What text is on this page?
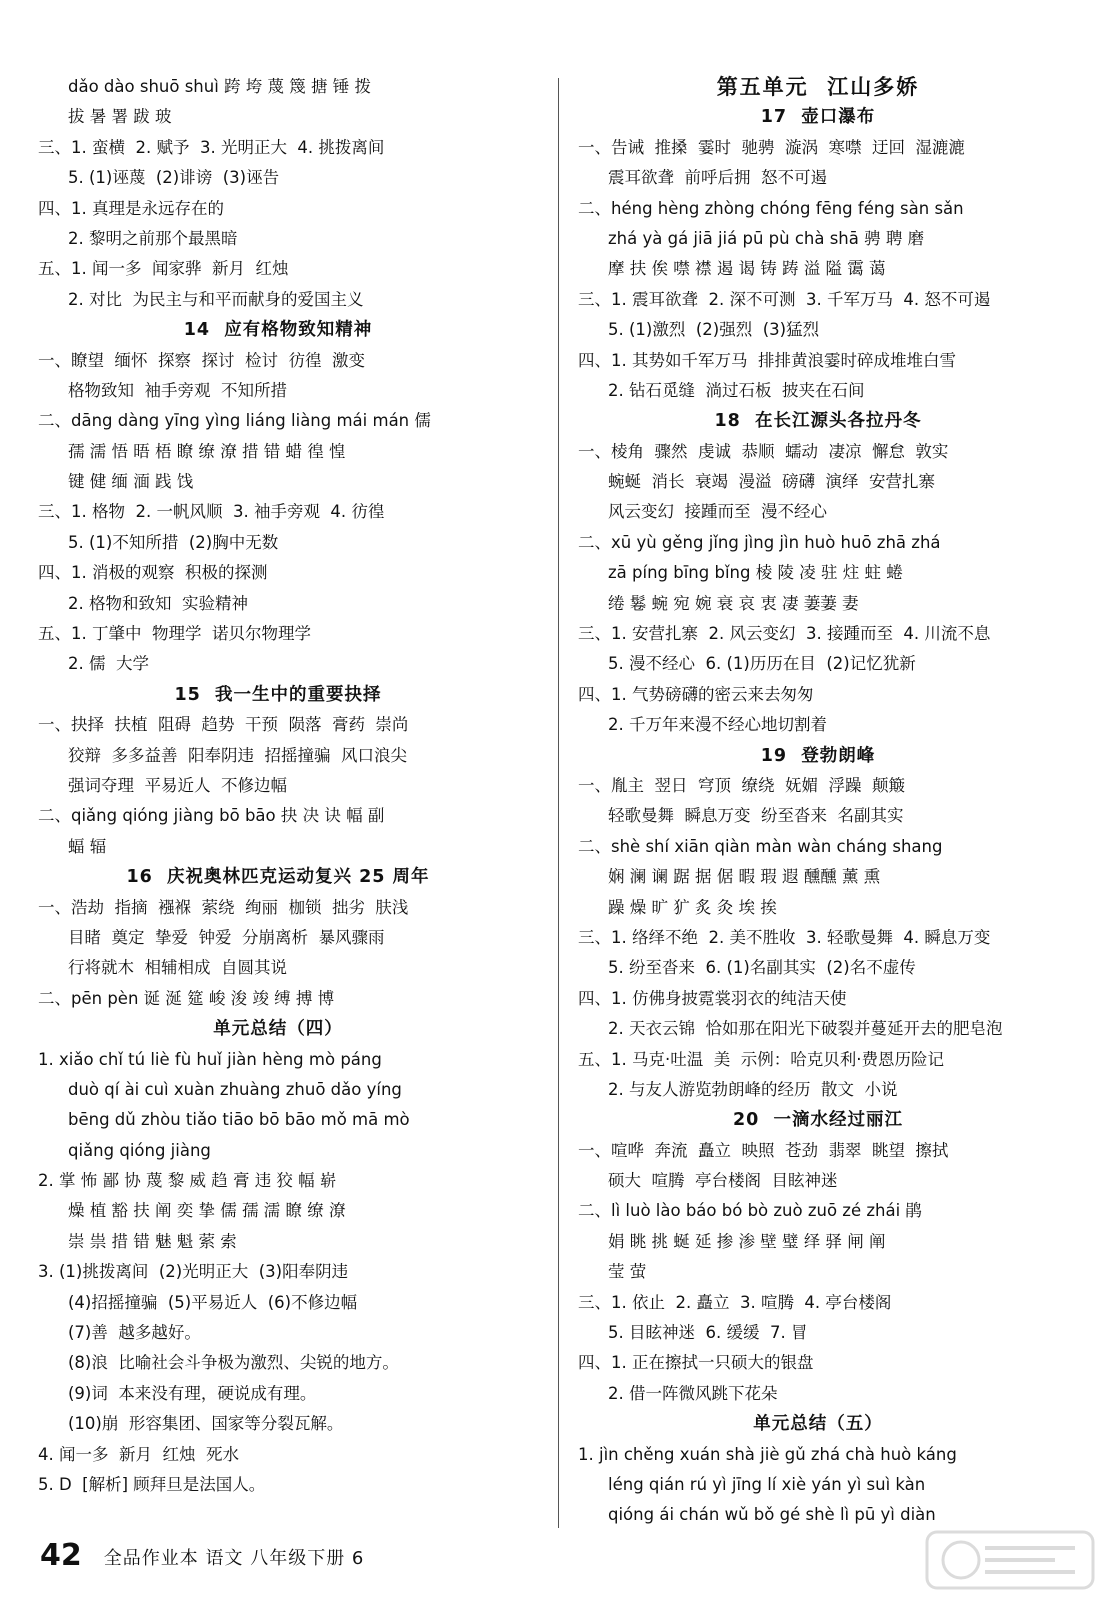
dǎo dào shuō shuì 跨 垮 蔑 篾 搪 锤 拨
拔 暑 署 跋 玻
三、1. 蛮横  2. 赋予  3. 光明正大  4. 挑拨离间
5. (1)诬蔑  (2)诽谤  (3)诬告
四、1. 真理是永远存在的
2. 黎明之前那个最黑暗
五、1. 闻一多  闻家骅  新月  红烛
2. 对比  为民主与和平而献身的爱国主义
14  应有格物致知精神
一、瞭望  缅怀  探察  探讨  检讨  彷徨  激变
格物致知  袖手旁观  不知所措
二、dāng dàng yīng yìng liáng liàng mái mán 儒
孺 濡 悟 晤 梧 瞭 缭 潦 措 错 蜡 徨 惶
键 健 缅 湎 践 饯
三、1. 格物  2. 一帆风顺  3. 袖手旁观  4. 彷徨
5. (1)不知所措  (2)胸中无数
四、1. 消极的观察  积极的探测
2. 格物和致知  实验精神
五、1. 丁肇中  物理学  诺贝尔物理学
2. 儒  大学
15  我一生中的重要抉择
一、抉择  扶植  阻碍  趋势  干预  陨落  膏药  崇尚
狡辩  多多益善  阳奉阴违  招摇撞骗  风口浪尖
强词夺理  平易近人  不修边幅
二、qiǎng qióng jiàng bō bāo 抉 决 诀 幅 副
蝠 辐
16  庆祝奥林匹克运动复兴 25 周年
一、浩劫  指摘  襁褓  萦绕  绚丽  枷锁  拙劣  肤浅
目睹  奠定  挚爱  钟爱  分崩离析  暴风骤雨
行将就木  相辅相成  自圆其说
二、pēn pèn 诞 涎 筵 峻 浚 竣 缚 搏 博
单元总结（四）
1. xiǎo chǐ tú liè fù huǐ jiàn hèng mò páng
duò qí ài cuì xuàn zhuàng zhuō dǎo yíng
bēng dǔ zhòu tiǎo tiāo bō bāo mǒ mā mò
qiǎng qióng jiàng
2. 掌 怖 鄙 协 蔑 黎 威 趋 膏 违 狡 幅 崭
燥 植 豁 扶 阐 奕 挚 儒 孺 濡 瞭 缭 潦
崇 祟 措 错 魅 魁 萦 索
3. (1)挑拨离间  (2)光明正大  (3)阳奉阴违
(4)招摇撞骗  (5)平易近人  (6)不修边幅
(7)善  越多越好。
(8)浪  比喻社会斗争极为激烈、尖锐的地方。
(9)词  本来没有理，硬说成有理。
(10)崩  形容集团、国家等分裂瓦解。
4. 闻一多  新月  红烛  死水
5. D  [解析] 顾拜旦是法国人。
第五单元  江山多娇
17  壶口瀑布
一、告诫  推搡  霎时  驰骋  漩涡  寒噤  迂回  湿漉漉
震耳欲聋  前呼后拥  怒不可遏
二、héng hèng zhòng chóng fēng féng sàn sǎn
zhá yà gá jiā jiá pū pù chà shā 骋 聘 磨
摩 扶 俟 噤 襟 遏 谒 铸 踌 溢 隘 霭 蔼
三、1. 震耳欲聋  2. 深不可测  3. 千军万马  4. 怒不可遏
5. (1)激烈  (2)强烈  (3)猛烈
四、1. 其势如千军万马  排排黄浪霎时碎成堆堆白雪
2. 钻石觅缝  淌过石板  披夹在石间
18  在长江源头各拉丹冬
一、棱角  骤然  虔诚  恭顺  蠕动  凄凉  懈怠  敦实
蜿蜒  消长  衰竭  漫溢  磅礴  演绎  安营扎寨
风云变幻  接踵而至  漫不经心
二、xū yù gěng jǐng jìng jìn huò huō zhā zhá
zā píng bīng bǐng 棱 陵 凌 驻 炷 蛀 蜷
绻 鬈 蜿 宛 婉 衰 哀 衷 凄 萋萋 妻
三、1. 安营扎寨  2. 风云变幻  3. 接踵而至  4. 川流不息
5. 漫不经心  6. (1)历历在目  (2)记忆犹新
四、1. 气势磅礴的密云来去匆匆
2. 千万年来漫不经心地切割着
19  登勃朗峰
一、胤主  翌日  穹顶  缭绕  妩媚  浮躁  颠簸
轻歌曼舞  瞬息万变  纷至沓来  名副其实
二、shè shí xiān qiàn màn wàn cháng shang
娴 澜 谰 踞 据 倨 暇 瑕 遐 醺醺 薰 熏
躁 燥 旷 犷 炙 灸 埃 挨
三、1. 络绎不绝  2. 美不胜收  3. 轻歌曼舞  4. 瞬息万变
5. 纷至沓来  6. (1)名副其实  (2)名不虚传
四、1. 仿佛身披霓裳羽衣的纯洁天使
2. 天衣云锦  恰如那在阳光下破裂并蔓延开去的肥皂泡
五、1. 马克·吐温  美  示例：哈克贝利·费恩历险记
2. 与友人游览勃朗峰的经历  散文  小说
20  一滴水经过丽江
一、喧哗  奔流  矗立  映照  苍劲  翡翠  眺望  擦拭
硕大  喧腾  亭台楼阁  目眩神迷
二、lì luò lào báo bó bò zuò zuō zé zhái 鹃
娟 眺 挑 蜒 延 掺 渗 壁 璧 绎 驿 闸 阐
莹 萤
三、1. 依止  2. 矗立  3. 喧腾  4. 亭台楼阁
5. 目眩神迷  6. 缓缓  7. 冒
四、1. 正在擦拭一只硕大的银盘
2. 借一阵微风跳下花朵
单元总结（五）
1. jìn chěng xuán shà jiè gǔ zhá chà huò káng
léng qián rú yì jīng lí xiè yán yì suì kàn
qióng ái chán wǔ bǒ gé shè lì pū yì diàn
42 全品作业本 语文 八年级下册 6
